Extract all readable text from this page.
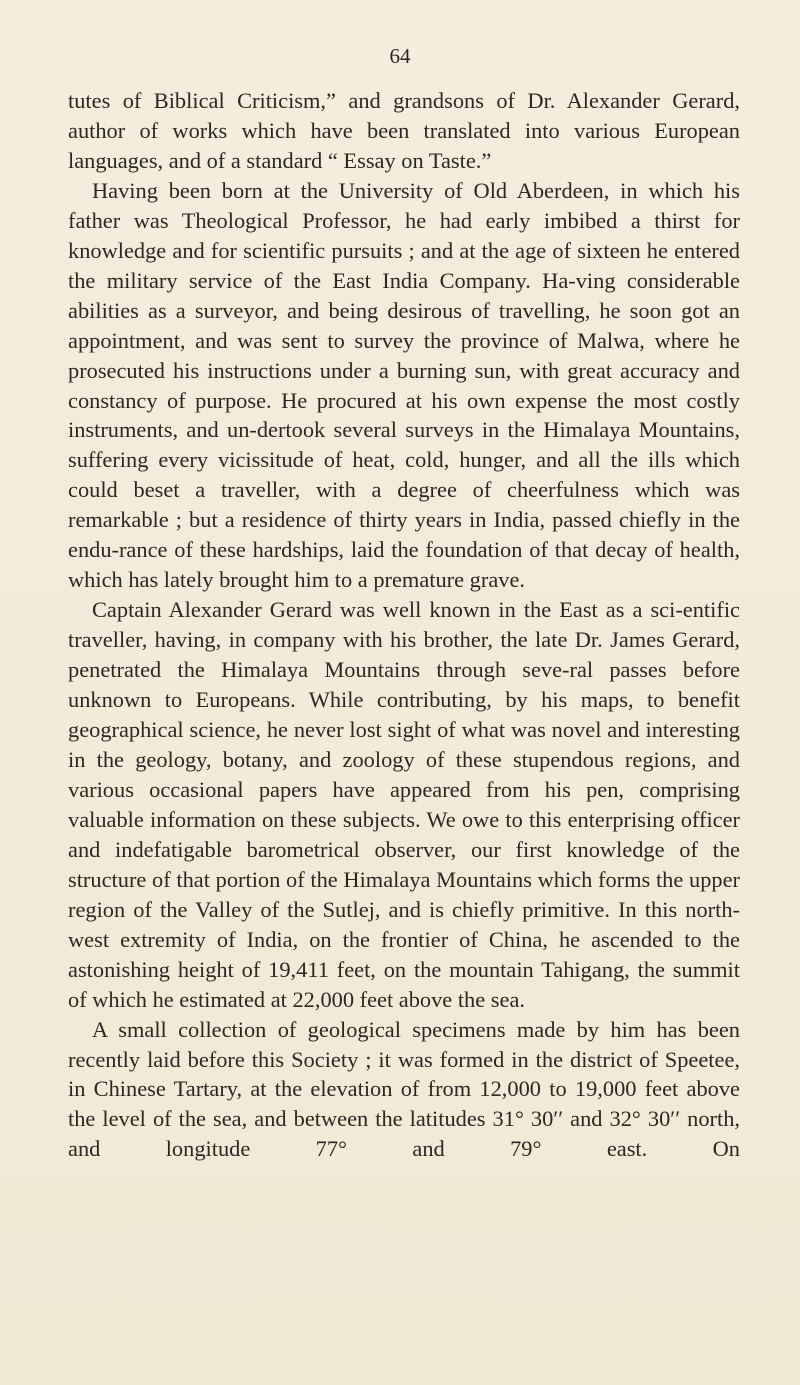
64

tutes of Biblical Criticism,” and grandsons of Dr. Alexander Gerard, author of works which have been translated into various European languages, and of a standard “ Essay on Taste.”

Having been born at the University of Old Aberdeen, in which his father was Theological Professor, he had early imbibed a thirst for knowledge and for scientific pursuits ; and at the age of sixteen he entered the military service of the East India Company. Ha-ving considerable abilities as a surveyor, and being desirous of travelling, he soon got an appointment, and was sent to survey the province of Malwa, where he prosecuted his instructions under a burning sun, with great accuracy and constancy of purpose. He procured at his own expense the most costly instruments, and un-dertook several surveys in the Himalaya Mountains, suffering every vicissitude of heat, cold, hunger, and all the ills which could beset a traveller, with a degree of cheerfulness which was remarkable ; but a residence of thirty years in India, passed chiefly in the endu-rance of these hardships, laid the foundation of that decay of health, which has lately brought him to a premature grave.

Captain Alexander Gerard was well known in the East as a sci-entific traveller, having, in company with his brother, the late Dr. James Gerard, penetrated the Himalaya Mountains through seve-ral passes before unknown to Europeans. While contributing, by his maps, to benefit geographical science, he never lost sight of what was novel and interesting in the geology, botany, and zoology of these stupendous regions, and various occasional papers have appeared from his pen, comprising valuable information on these subjects. We owe to this enterprising officer and indefatigable barometrical observer, our first knowledge of the structure of that portion of the Himalaya Mountains which forms the upper region of the Valley of the Sutlej, and is chiefly primitive. In this north-west extremity of India, on the frontier of China, he ascended to the astonishing height of 19,411 feet, on the mountain Tahigang, the summit of which he estimated at 22,000 feet above the sea.

A small collection of geological specimens made by him has been recently laid before this Society ; it was formed in the district of Speetee, in Chinese Tartary, at the elevation of from 12,000 to 19,000 feet above the level of the sea, and between the latitudes 31° 30′′ and 32° 30′′ north, and longitude 77° and 79° east. On
